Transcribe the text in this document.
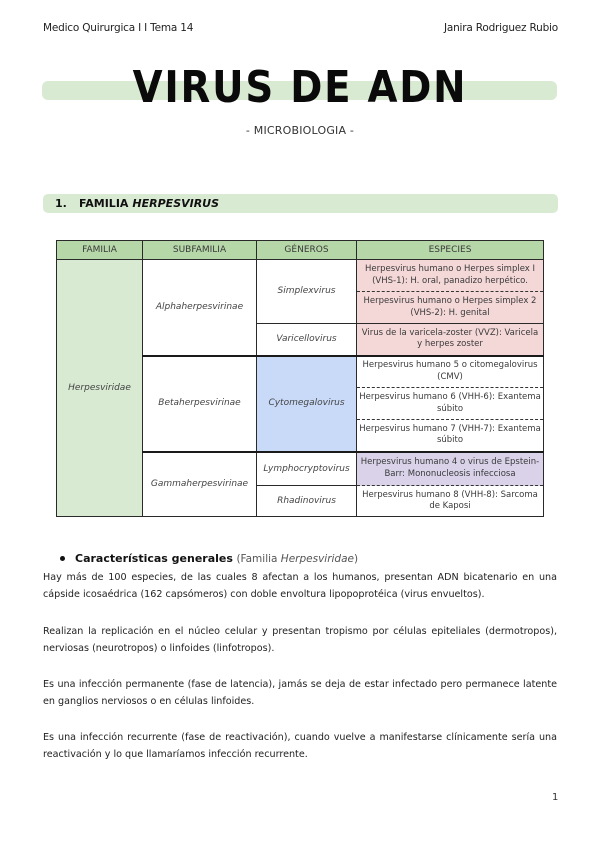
Medico Quirurgica I I Tema 14	Janira Rodriguez Rubio
VIRUS DE ADN
- MICROBIOLOGIA -
1.	FAMILIA HERPESVIRUS
FAMILIA	SUBFAMILIA	GÉNEROS	ESPECIES
Herpesviridae	Alphaherpesvirinae	Simplexvirus	Herpesvirus humano o Herpes simplex I (VHS-1): H. oral, panadizo herpético.
			Herpesvirus humano o Herpes simplex 2 (VHS-2): H. genital
		Varicellovirus	Virus de la varicela-zoster (VVZ): Varicela y herpes zoster
	Betaherpesvirinae	Cytomegalovirus	Herpesvirus humano 5 o citomegalovirus (CMV)
			Herpesvirus humano 6 (VHH-6): Exantema súbito
			Herpesvirus humano 7 (VHH-7): Exantema súbito
	Gammaherpesvirinae	Lymphocryptovirus	Herpesvirus humano 4 o virus de Epstein-Barr: Mononucleosis infecciosa
		Rhadinovirus	Herpesvirus humano 8 (VHH-8): Sarcoma de Kaposi
Características generales (Familia Herpesviridae)

Hay más de 100 especies, de las cuales 8 afectan a los humanos, presentan ADN bicatenario en una cápside icosaédrica (162 capsómeros) con doble envoltura lipopoprotéica (virus envueltos).

Realizan la replicación en el núcleo celular y presentan tropismo por células epiteliales (dermotropos), nerviosas (neurotropos) o linfoides (linfotropos).

Es una infección permanente (fase de latencia), jamás se deja de estar infectado pero permanece latente en ganglios nerviosos o en células linfoides.

Es una infección recurrente (fase de reactivación), cuando vuelve a manifestarse clínicamente sería una reactivación y lo que llamaríamos infección recurrente.

1
